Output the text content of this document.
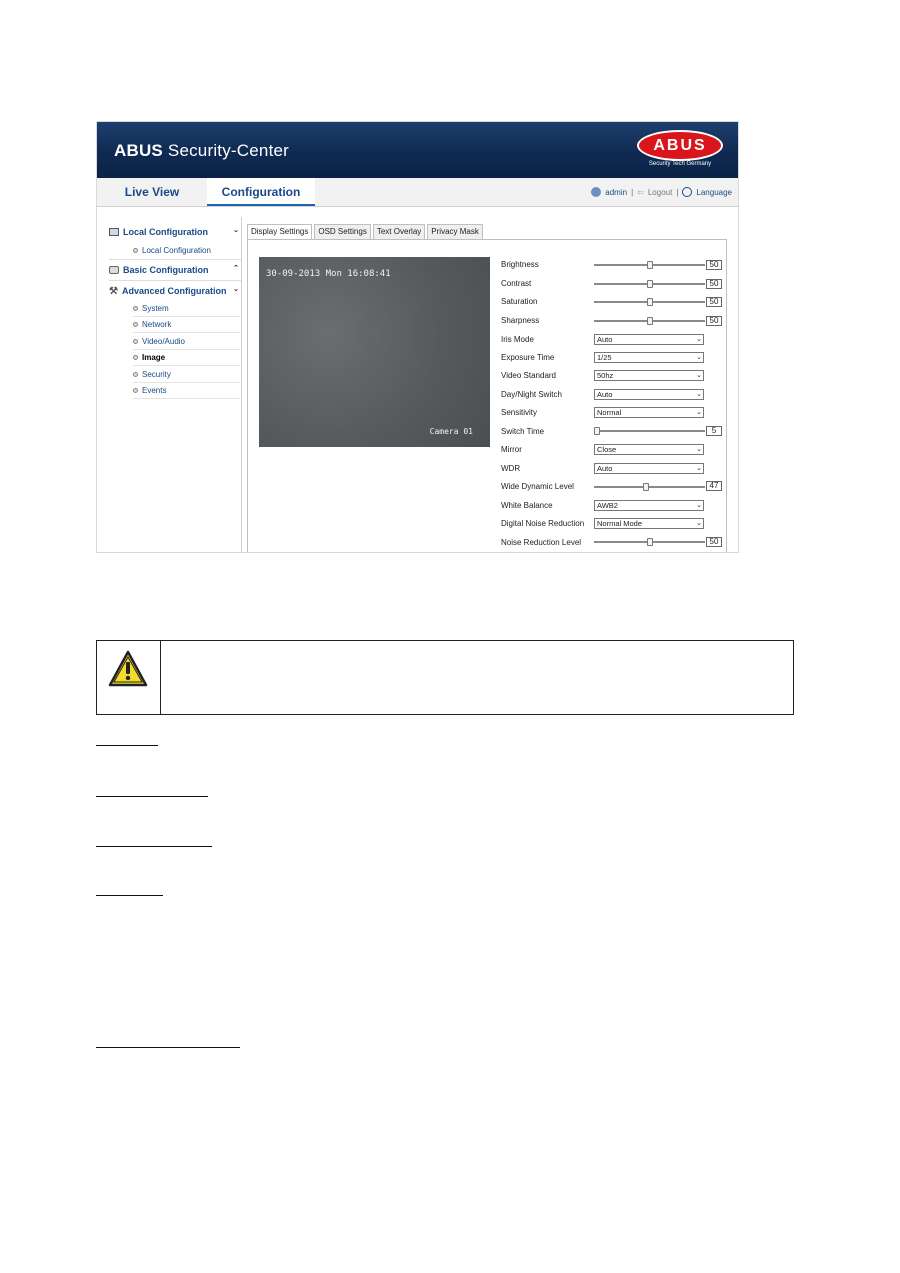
ABUS Security-Center	ABUS
Security Tech Germany
Live View	Configuration	admin | ⇦ Logout | Language
Local Configuration	⌄
Local Configuration
Basic Configuration	⌃
⚒ Advanced Configuration ⌄
System
Network
Video/Audio
Image
Security
Events
Display Settings	OSD Settings	Text Overlay	Privacy Mask
30-09-2013 Mon 16:08:41
Camera 01
Brightness	50
Contrast	50
Saturation	50
Sharpness	50
Iris Mode	Auto	⌄
Exposure Time	1/25	⌄
Video Standard	50hz	⌄
Day/Night Switch	Auto	⌄
Sensitivity	Normal	⌄
Switch Time	5
Mirror	Close	⌄
WDR	Auto	⌄
Wide Dynamic Level	47
White Balance	AWB2	⌄
Digital Noise Reduction	Normal Mode	⌄
Noise Reduction Level	50
